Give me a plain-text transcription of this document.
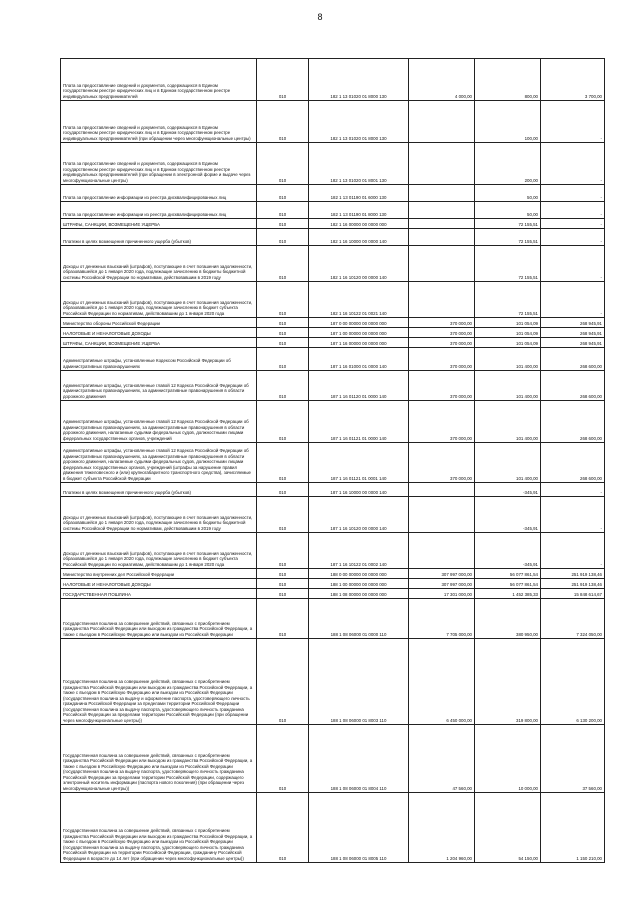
8
Плата за предоставление сведений и документов, содержащихся в Едином государственном реестре юридических лиц и в Едином государственном реестре индивидуальных предпринимателей	010	182 1 13 01020 01 8000 130	4 000,00	800,00	3 700,00
Плата за предоставление сведений и документов, содержащихся в Едином государственном реестре юридических лиц и в Едином государственном реестре индивидуальных предпринимателей (при обращении через многофункциональные центры)	010	182 1 13 01020 01 8000 130		100,00	-
Плата за предоставление сведений и документов, содержащихся в Едином государственном реестре юридических лиц и в Едином государственном реестре индивидуальных предпринимателей (при обращении в электронной форме и выдаче через многофункциональные центры)	010	182 1 13 01020 01 8001 130		200,00	-
Плата за предоставление информации из реестра дисквалифицированных лиц	010	182 1 13 01190 01 6000 130		50,00	-
Плата за предоставление информации из реестра дисквалифицированных лиц	010	182 1 13 01190 01 8000 130		50,00	-
ШТРАФЫ, САНКЦИИ, ВОЗМЕЩЕНИЕ УЩЕРБА	010	182 1 16 00000 00 0000 000		72 155,51	-
Платежи в целях возмещения причиненного ущерба (убытков)	010	182 1 16 10000 00 0000 140		72 155,51	-
Доходы от денежных взысканий (штрафов), поступающие в счет погашения задолженности, образовавшейся до 1 января 2020 года, подлежащие зачислению в бюджеты бюджетной системы Российской Федерации по нормативам, действовавшим в 2019 году	010	182 1 16 10120 00 0000 140		72 155,51	-
Доходы от денежных взысканий (штрафов), поступающие в счет погашения задолженности, образовавшейся до 1 января 2020 года, подлежащие зачислению в бюджет субъекта Российской Федерации по нормативам, действовавшим до 1 января 2020 года	010	182 1 16 10122 01 0021 140		72 155,51	-
Министерство обороны Российской Федерации	010	187 0 00 00000 00 0000 000	370 000,00	101 054,09	268 945,91
НАЛОГОВЫЕ И НЕНАЛОГОВЫЕ ДОХОДЫ	010	187 1 00 00000 00 0000 000	370 000,00	101 054,09	268 945,91
ШТРАФЫ, САНКЦИИ, ВОЗМЕЩЕНИЕ УЩЕРБА	010	187 1 16 00000 00 0000 000	370 000,00	101 054,09	268 945,91
Административные штрафы, установленные Кодексом Российской Федерации об административных правонарушениях	010	187 1 16 01000 01 0000 140	370 000,00	101 400,00	268 600,00
Административные штрафы, установленные главой 12 Кодекса Российской Федерации об административных правонарушениях, за административные правонарушения в области дорожного движения	010	187 1 16 01120 01 0000 140	370 000,00	101 400,00	268 600,00
Административные штрафы, установленные главой 12 Кодекса Российской Федерации об административных правонарушениях, за административные правонарушения в области дорожного движения, налагаемые судьями федеральных судов, должностными лицами федеральных государственных органов, учреждений	010	187 1 16 01121 01 0000 140	370 000,00	101 400,00	268 600,00
Административные штрафы, установленные главой 12 Кодекса Российской Федерации об административных правонарушениях, за административные правонарушения в области дорожного движения, налагаемые судьями федеральных судов, должностными лицами федеральных государственных органов, учреждений (штрафы за нарушение правил движения тяжеловесного и (или) крупногабаритного транспортного средства), зачисляемые в бюджет субъекта Российской Федерации	010	187 1 16 01121 01 0001 140	370 000,00	101 400,00	268 600,00
Платежи в целях возмещения причиненного ущерба (убытков)	010	187 1 16 10000 00 0000 140		-345,91	-
Доходы от денежных взысканий (штрафов), поступающие в счет погашения задолженности, образовавшейся до 1 января 2020 года, подлежащие зачислению в бюджеты бюджетной системы Российской Федерации по нормативам, действовавшим в 2019 году	010	187 1 16 10120 00 0000 140		-345,91	-
Доходы от денежных взысканий (штрафов), поступающие в счет погашения задолженности, образовавшейся до 1 января 2020 года, подлежащие зачислению в бюджет субъекта Российской Федерации по нормативам, действовавшим до 1 января 2020 года	010	187 1 16 10122 01 0002 140		-345,91	-
Министерство внутренних дел Российской Федерации	010	188 0 00 00000 00 0000 000	307 997 000,00	56 077 861,54	251 919 138,46
НАЛОГОВЫЕ И НЕНАЛОГОВЫЕ ДОХОДЫ	010	188 1 00 00000 00 0000 000	307 997 000,00	56 077 861,54	251 919 138,46
ГОСУДАРСТВЕННАЯ ПОШЛИНА	010	188 1 08 00000 00 0000 000	17 301 000,00	1 452 385,33	15 848 614,67
Государственная пошлина за совершение действий, связанных с приобретением гражданства Российской Федерации или выходом из гражданства Российской Федерации, а также с въездом в Российскую Федерацию или выездом из Российской Федерации	010	188 1 08 06000 01 0000 110	7 705 000,00	380 950,00	7 324 050,00
Государственная пошлина за совершение действий, связанных с приобретением гражданства Российской Федерации или выходом из гражданства Российской Федерации, а также с въездом в Российскую Федерацию или выездом из Российской Федерации (государственная пошлина за выдачу и оформление паспорта, удостоверяющего личность гражданина Российской Федерации за пределами территории Российской Федерации (государственная пошлина за выдачу паспорта, удостоверяющего личность гражданина Российской Федерации за пределами территории Российской Федерации (при обращении через многофункциональные центры))	010	188 1 08 06000 01 8003 110	6 450 000,00	319 800,00	6 130 200,00
Государственная пошлина за совершение действий, связанных с приобретением гражданства Российской Федерации или выходом из гражданства Российской Федерации, а также с въездом в Российскую Федерацию или выездом из Российской Федерации (государственная пошлина за выдачу паспорта, удостоверяющего личность гражданина Российской Федерации за пределами территории Российской Федерации, содержащего электронный носитель информации (паспорта нового поколения) (при обращении через многофункциональные центры))	010	188 1 08 06000 01 8004 110	47 560,00	10 000,00	37 560,00
Государственная пошлина за совершение действий, связанных с приобретением гражданства Российской Федерации или выходом из гражданства Российской Федерации, а также с въездом в Российскую Федерацию или выездом из Российской Федерации (государственная пошлина за выдачу паспорта, удостоверяющего личность гражданина Российской Федерации на территории Российской Федерации, гражданину Российской Федерации в возрасте до 14 лет (при обращении через многофункциональные центры))	010	188 1 08 06000 01 8005 110	1 204 960,00	54 150,00	1 150 210,00
